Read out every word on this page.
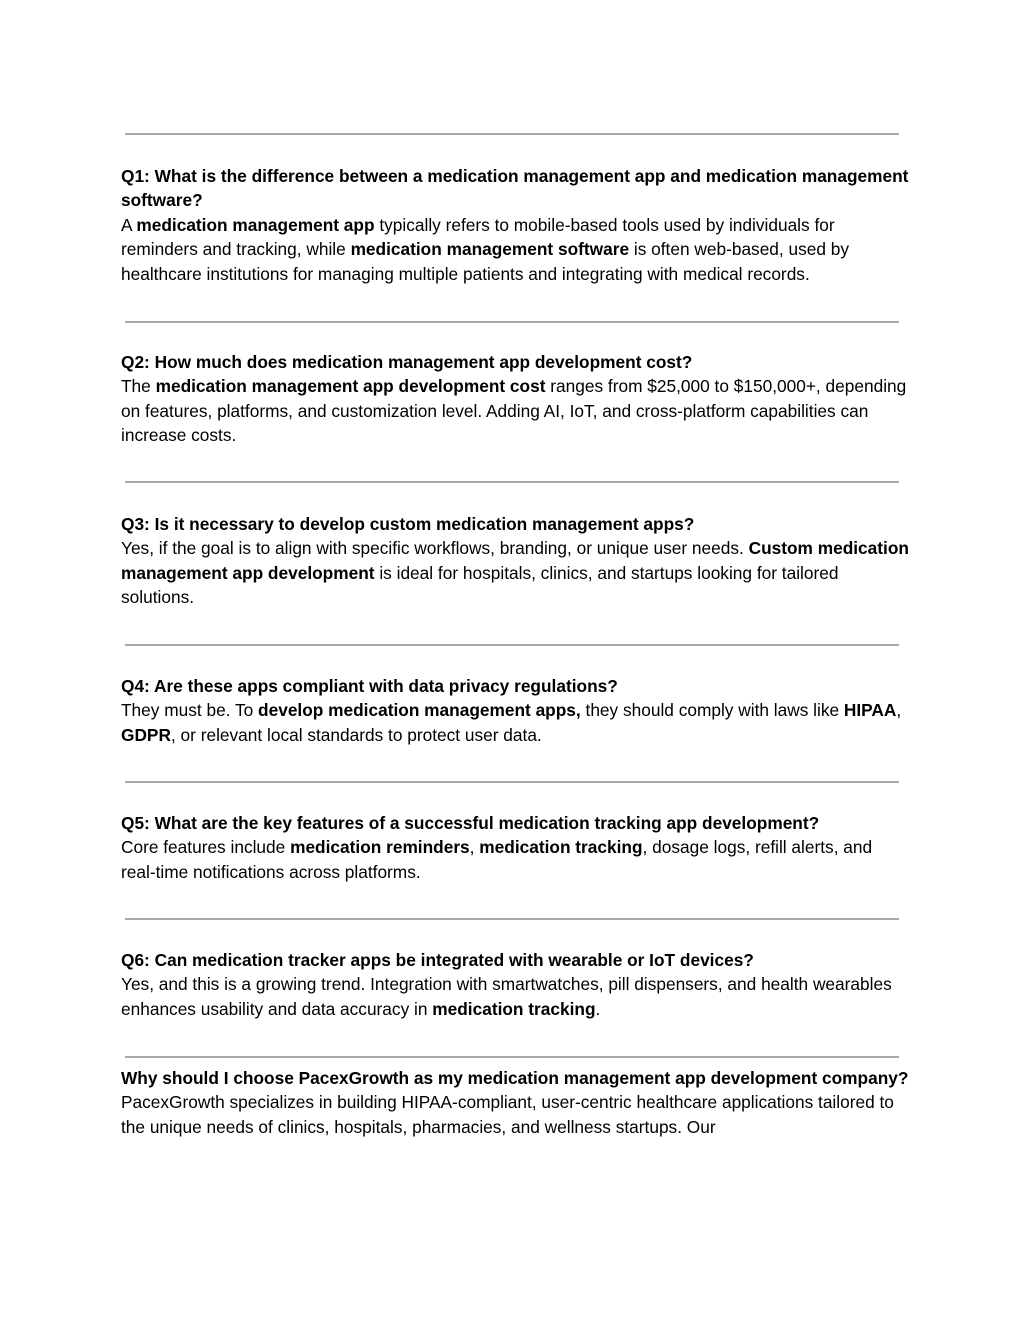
Q1: What is the difference between a medication management app and medication management software?

A medication management app typically refers to mobile-based tools used by individuals for reminders and tracking, while medication management software is often web-based, used by healthcare institutions for managing multiple patients and integrating with medical records.

Q2: How much does medication management app development cost?

The medication management app development cost ranges from $25,000 to $150,000+, depending on features, platforms, and customization level. Adding AI, IoT, and cross-platform capabilities can increase costs.

Q3: Is it necessary to develop custom medication management apps?

Yes, if the goal is to align with specific workflows, branding, or unique user needs. Custom medication management app development is ideal for hospitals, clinics, and startups looking for tailored solutions.

Q4: Are these apps compliant with data privacy regulations?

They must be. To develop medication management apps, they should comply with laws like HIPAA, GDPR, or relevant local standards to protect user data.

Q5: What are the key features of a successful medication tracking app development?

Core features include medication reminders, medication tracking, dosage logs, refill alerts, and real-time notifications across platforms.

Q6: Can medication tracker apps be integrated with wearable or IoT devices?

Yes, and this is a growing trend. Integration with smartwatches, pill dispensers, and health wearables enhances usability and data accuracy in medication tracking.

Why should I choose PacexGrowth as my medication management app development company?

PacexGrowth specializes in building HIPAA-compliant, user-centric healthcare applications tailored to the unique needs of clinics, hospitals, pharmacies, and wellness startups. Our
